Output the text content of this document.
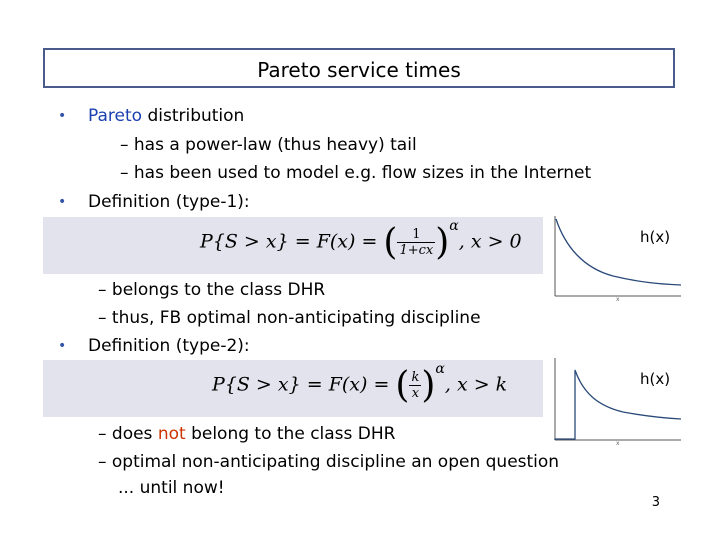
Pareto service times
• Pareto distribution
– has a power-law (thus heavy) tail
– has been used to model e.g. flow sizes in the Internet
• Definition (type-1):
P{S > x} = F(x) = ( $\frac{1}{1+cx} )^\alpha$, x > 0	h(x)
x
– belongs to the class DHR
– thus, FB optimal non-anticipating discipline
• Definition (type-2):
P{S > x} = F(x) = ( $\frac{k}{x} )^\alpha$, x > k	h(x)
x
– does not belong to the class DHR
– optimal non-anticipating discipline an open question
... until now!
3
